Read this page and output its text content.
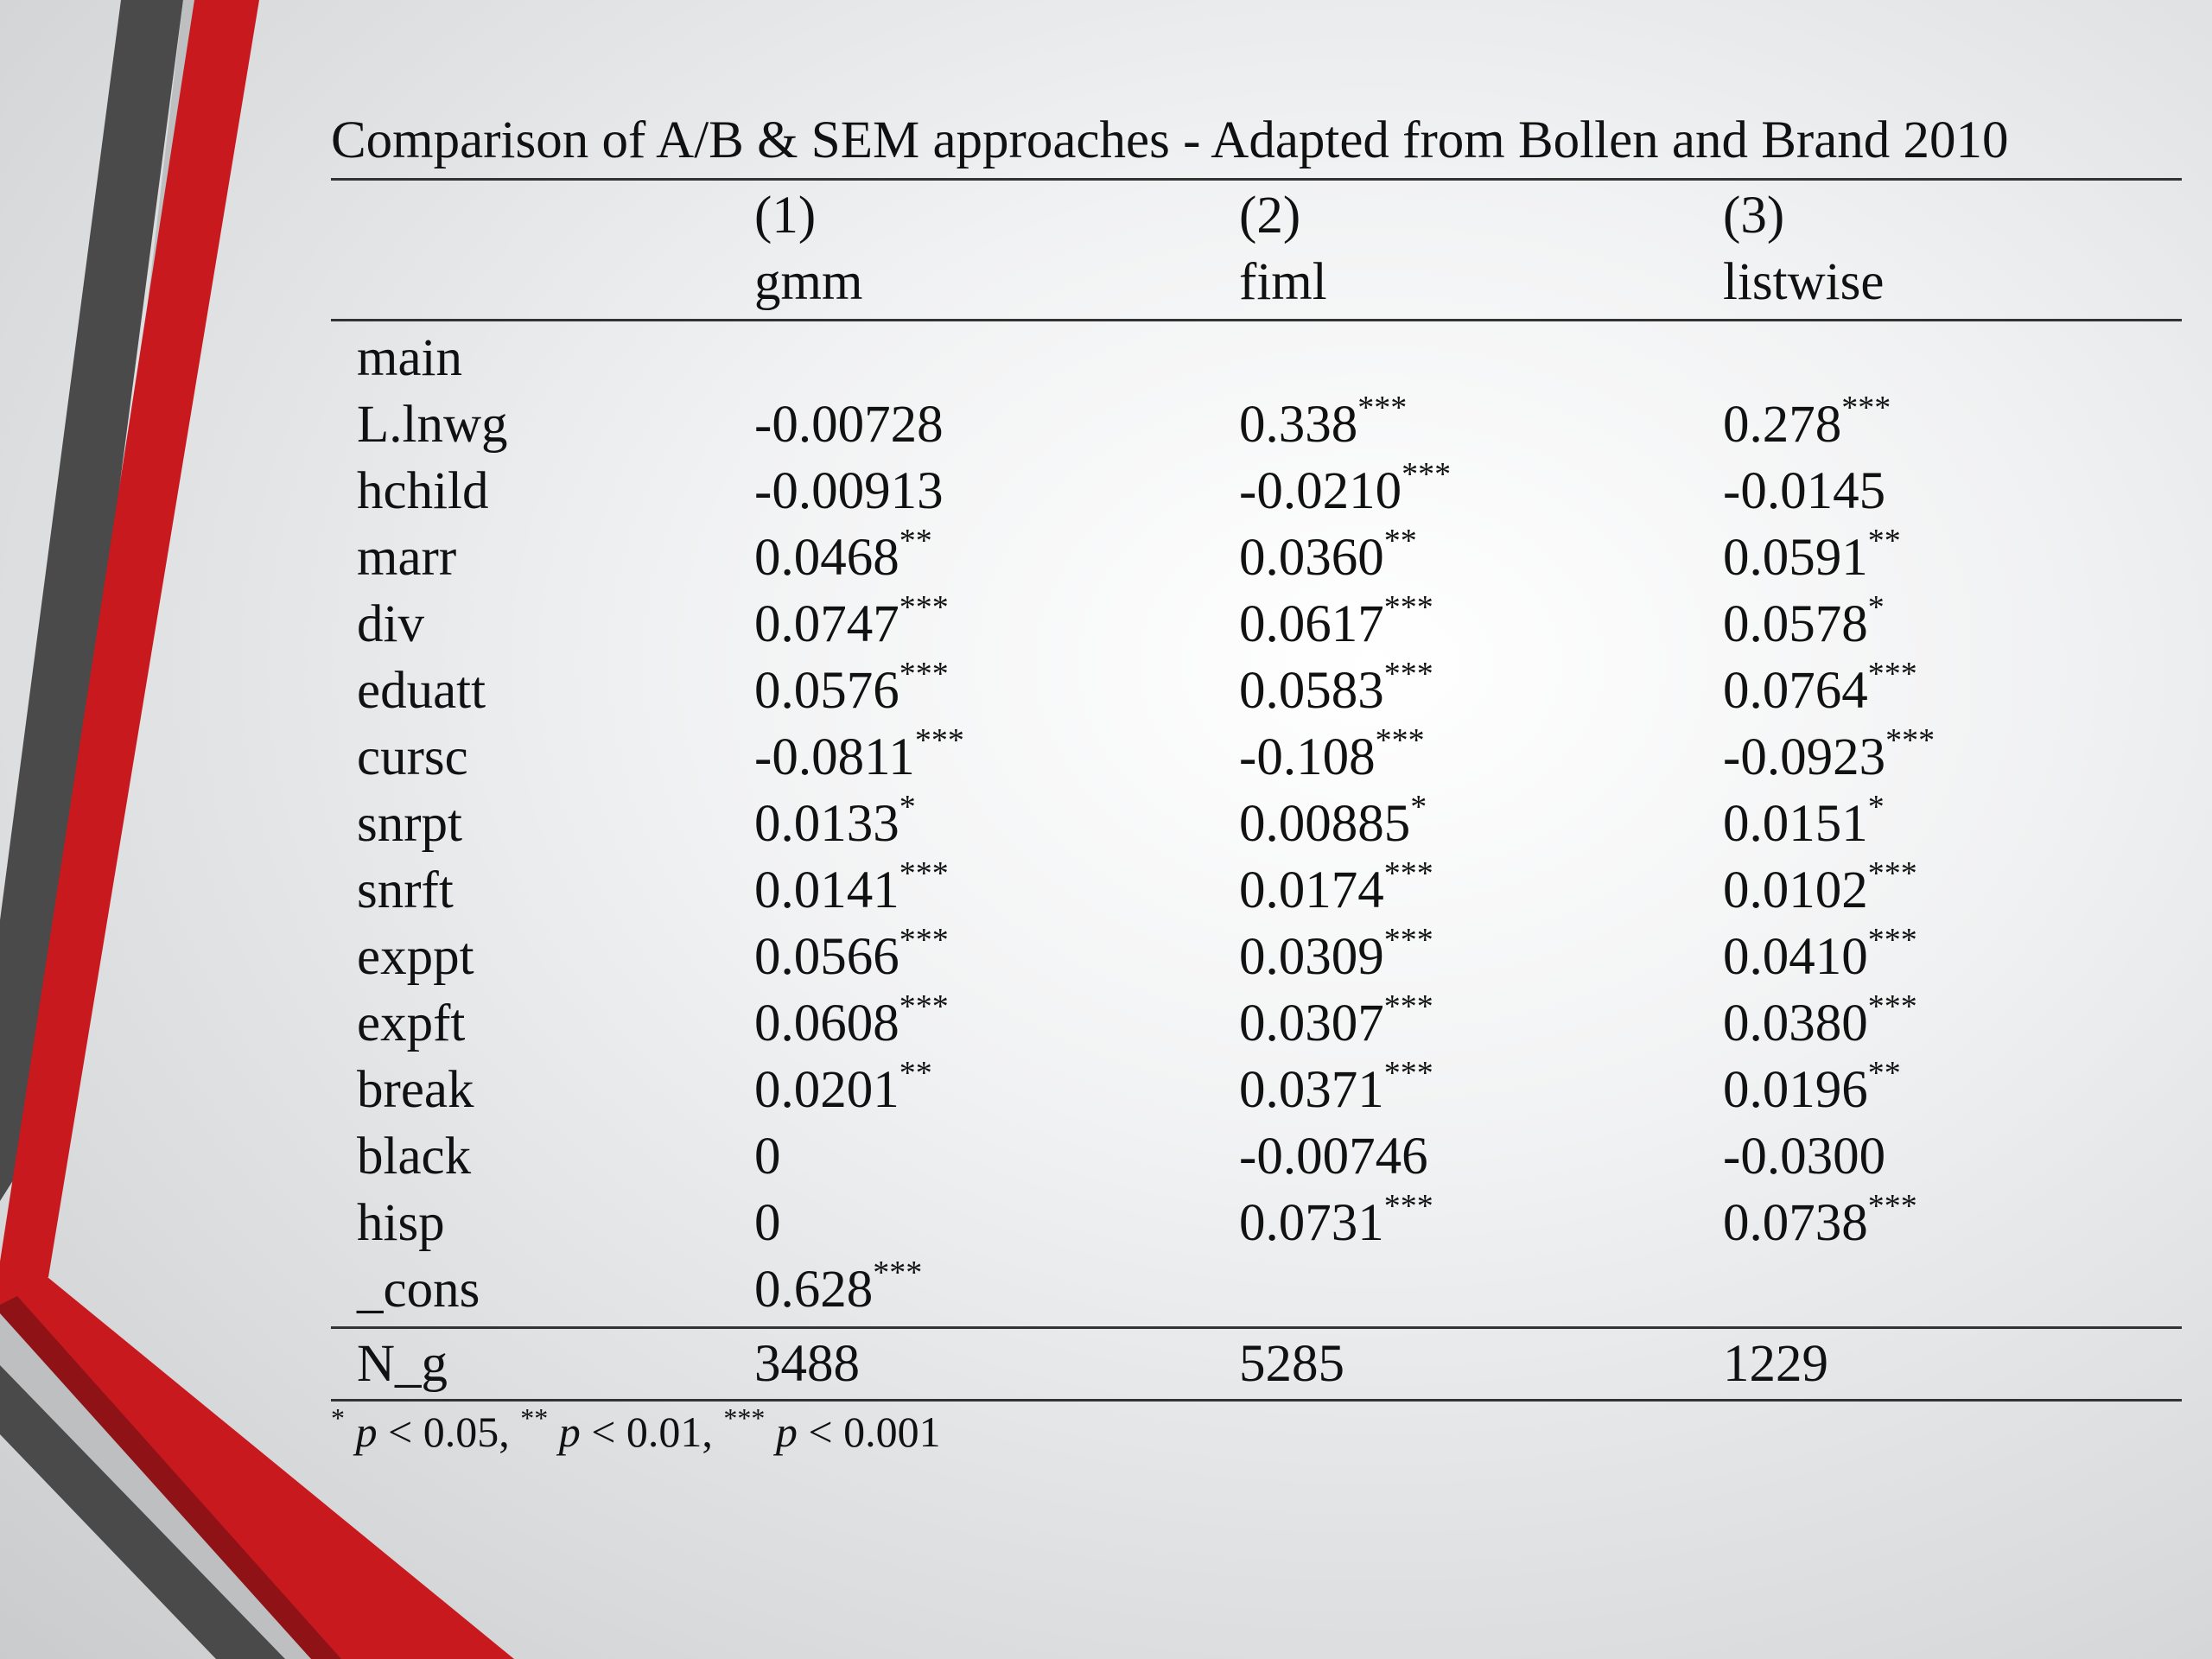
Comparison of A/B & SEM approaches - Adapted from Bollen and Brand 2010
(1)	(2)	(3)
gmm	fiml	listwise
main
L.lnwg	-0.00728	0.338***	0.278***
hchild	-0.00913	-0.0210***	-0.0145
marr	0.0468**	0.0360**	0.0591**
div	0.0747***	0.0617***	0.0578*
eduatt	0.0576***	0.0583***	0.0764***
cursc	-0.0811***	-0.108***	-0.0923***
snrpt	0.0133*	0.00885*	0.0151*
snrft	0.0141***	0.0174***	0.0102***
exppt	0.0566***	0.0309***	0.0410***
expft	0.0608***	0.0307***	0.0380***
break	0.0201**	0.0371***	0.0196**
black	0	-0.00746	-0.0300
hisp	0	0.0731***	0.0738***
_cons	0.628***
N_g	3488	5285	1229
* p < 0.05, ** p < 0.01, *** p < 0.001
